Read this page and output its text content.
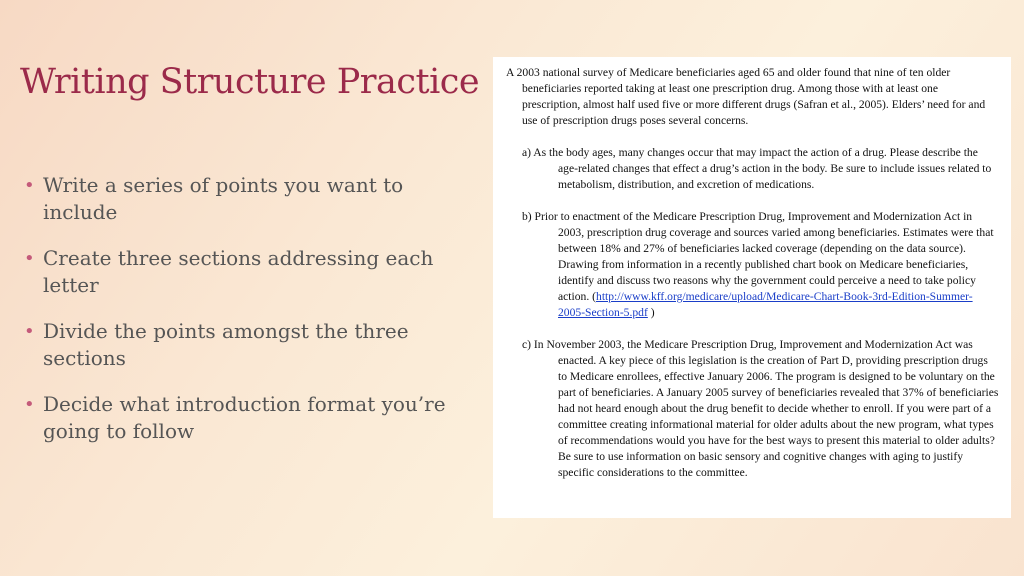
Writing Structure Practice
• Write a series of points you want to include
• Create three sections addressing each letter
• Divide the points amongst the three sections
• Decide what introduction format you’re going to follow

A 2003 national survey of Medicare beneficiaries aged 65 and older found that nine of ten older beneficiaries reported taking at least one prescription drug. Among those with at least one prescription, almost half used five or more different drugs (Safran et al., 2005). Elders’ need for and use of prescription drugs poses several concerns.

a) As the body ages, many changes occur that may impact the action of a drug. Please describe the age-related changes that effect a drug’s action in the body. Be sure to include issues related to metabolism, distribution, and excretion of medications.

b) Prior to enactment of the Medicare Prescription Drug, Improvement and Modernization Act in 2003, prescription drug coverage and sources varied among beneficiaries. Estimates were that between 18% and 27% of beneficiaries lacked coverage (depending on the data source). Drawing from information in a recently published chart book on Medicare beneficiaries, identify and discuss two reasons why the government could perceive a need to take policy action. (http://www.kff.org/medicare/upload/Medicare-Chart-Book-3rd-Edition-Summer-2005-Section-5.pdf )

c) In November 2003, the Medicare Prescription Drug, Improvement and Modernization Act was enacted. A key piece of this legislation is the creation of Part D, providing prescription drugs to Medicare enrollees, effective January 2006. The program is designed to be voluntary on the part of beneficiaries. A January 2005 survey of beneficiaries revealed that 37% of beneficiaries had not heard enough about the drug benefit to decide whether to enroll. If you were part of a committee creating informational material for older adults about the new program, what types of recommendations would you have for the best ways to present this material to older adults? Be sure to use information on basic sensory and cognitive changes with aging to justify specific considerations to the committee.
